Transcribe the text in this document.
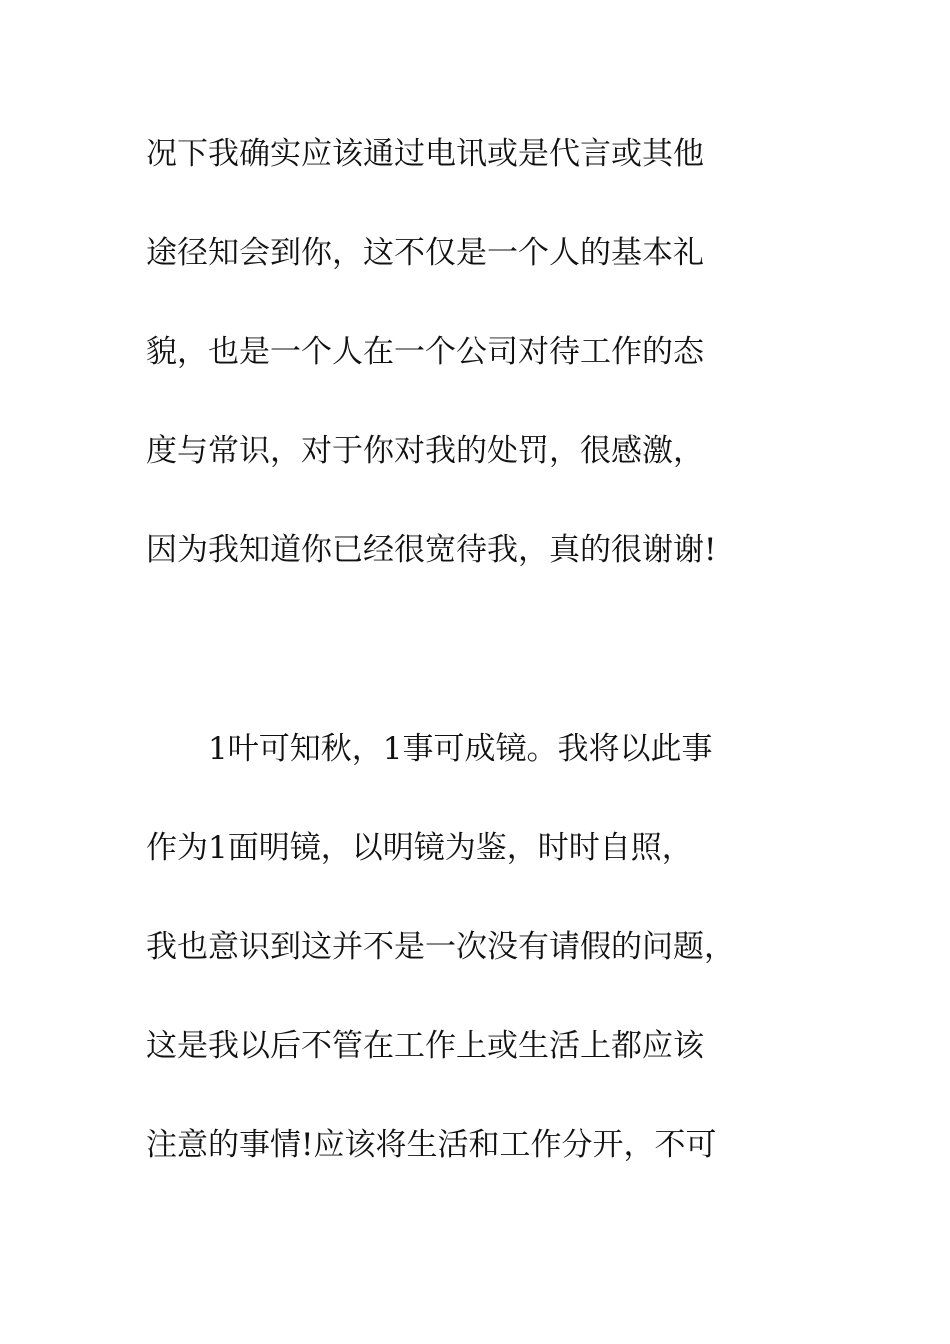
况下我确实应该通过电讯或是代言或其他
途径知会到你，这不仅是一个人的基本礼
貌，也是一个人在一个公司对待工作的态
度与常识，对于你对我的处罚，很感激，
因为我知道你已经很宽待我，真的很谢谢!
　　1叶可知秋，1事可成镜。我将以此事
作为1面明镜，以明镜为鉴，时时自照，
我也意识到这并不是一次没有请假的问题，
这是我以后不管在工作上或生活上都应该
注意的事情!应该将生活和工作分开，不可
